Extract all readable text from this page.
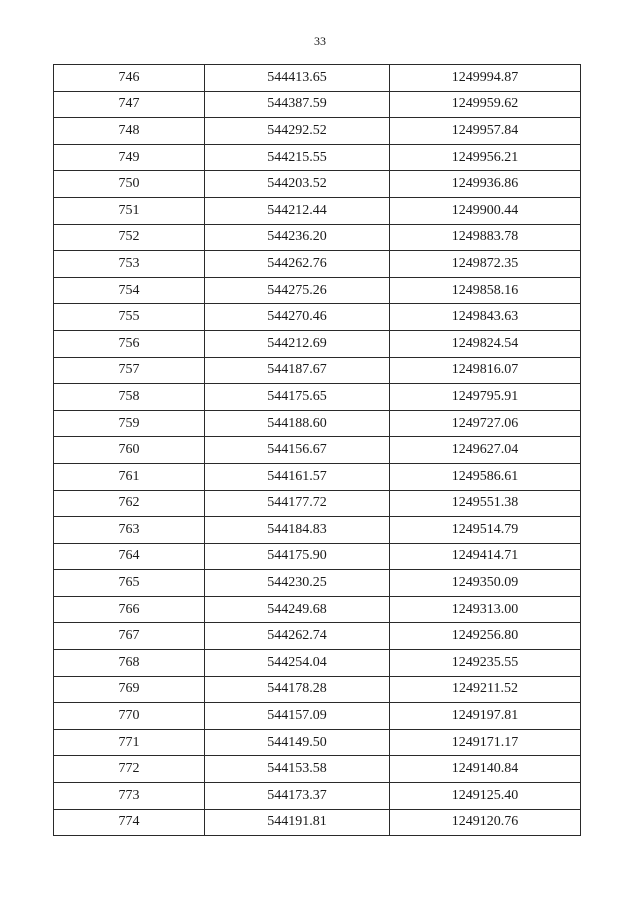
33
746	544413.65	1249994.87
747	544387.59	1249959.62
748	544292.52	1249957.84
749	544215.55	1249956.21
750	544203.52	1249936.86
751	544212.44	1249900.44
752	544236.20	1249883.78
753	544262.76	1249872.35
754	544275.26	1249858.16
755	544270.46	1249843.63
756	544212.69	1249824.54
757	544187.67	1249816.07
758	544175.65	1249795.91
759	544188.60	1249727.06
760	544156.67	1249627.04
761	544161.57	1249586.61
762	544177.72	1249551.38
763	544184.83	1249514.79
764	544175.90	1249414.71
765	544230.25	1249350.09
766	544249.68	1249313.00
767	544262.74	1249256.80
768	544254.04	1249235.55
769	544178.28	1249211.52
770	544157.09	1249197.81
771	544149.50	1249171.17
772	544153.58	1249140.84
773	544173.37	1249125.40
774	544191.81	1249120.76
